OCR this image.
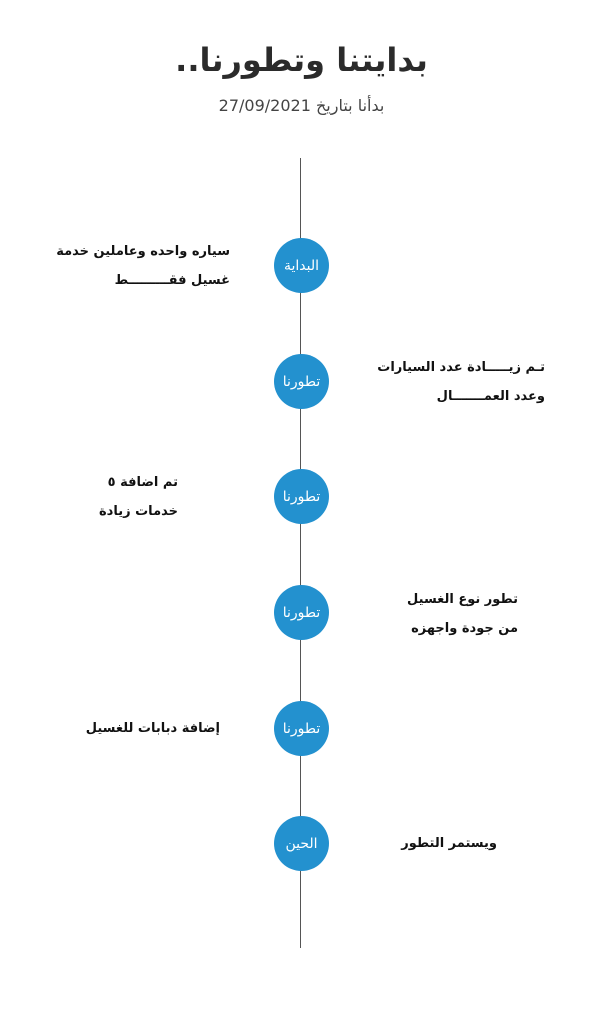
بدايتنا وتطورنا..
بدأنا بتاريخ 27/09/2021
البداية
سياره واحده وعاملين خدمة
غسيل فقـــــــــط
تطورنا
تـم زيـــــادة عدد السيارات
وعدد العمـــــــال
تطورنا
تم اضافة ٥
خدمات زيادة
تطورنا
تطور نوع الغسيل
من جودة واجهزه
تطورنا
إضافة دبابات للغسيل
الحين	ويستمر التطور
